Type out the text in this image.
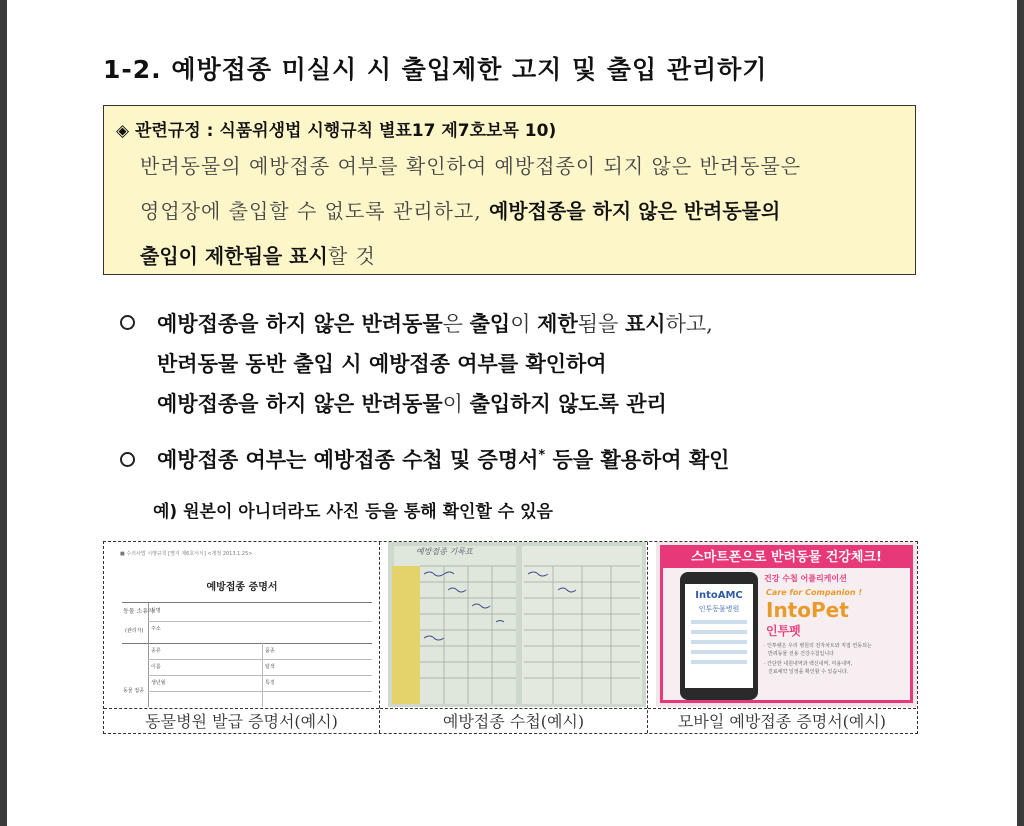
1-2. 예방접종 미실시 시 출입제한 고지 및 출입 관리하기
◈ 관련규정 : 식품위생법 시행규칙 별표17 제7호보목 10)
반려동물의 예방접종 여부를 확인하여 예방접종이 되지 않은 반려동물은
영업장에 출입할 수 없도록 관리하고, 예방접종을 하지 않은 반려동물의
출입이 제한됨을 표시할 것
예방접종을 하지 않은 반려동물은 출입이 제한됨을 표시하고,
반려동물 동반 출입 시 예방접종 여부를 확인하여
예방접종을 하지 않은 반려동물이 출입하지 않도록 관리
예방접종 여부는 예방접종 수첩 및 증명서* 등을 활용하여 확인
예) 원본이 아니더라도 사진 등을 통해 확인할 수 있음
■ 수의사법 시행규칙 [별지 제6호서식] <개정 2013.1.25>
예방접종 증명서
동물 소유자
(관리자)
성명
주소
종류	품종
이름	털색
생년월	특징
동물 접종
예방접종 기록표	스마트폰으로 반려동물 건강체크!
IntoAMC
인투동물병원
건강 수첩 어플리케이션
Care for Companion !
IntoPet
인투펫
· 인투펫은 우리 병원의 전자차트와 직접 연동되는
반려동물 전용 건강수첩입니다
· 간단한 내원내역과 백신내역, 미용내역,
진료예약 일정을 확인할 수 있습니다.
동물병원 발급 증명서(예시)	예방접종 수첩(예시)	모바일 예방접종 증명서(예시)
